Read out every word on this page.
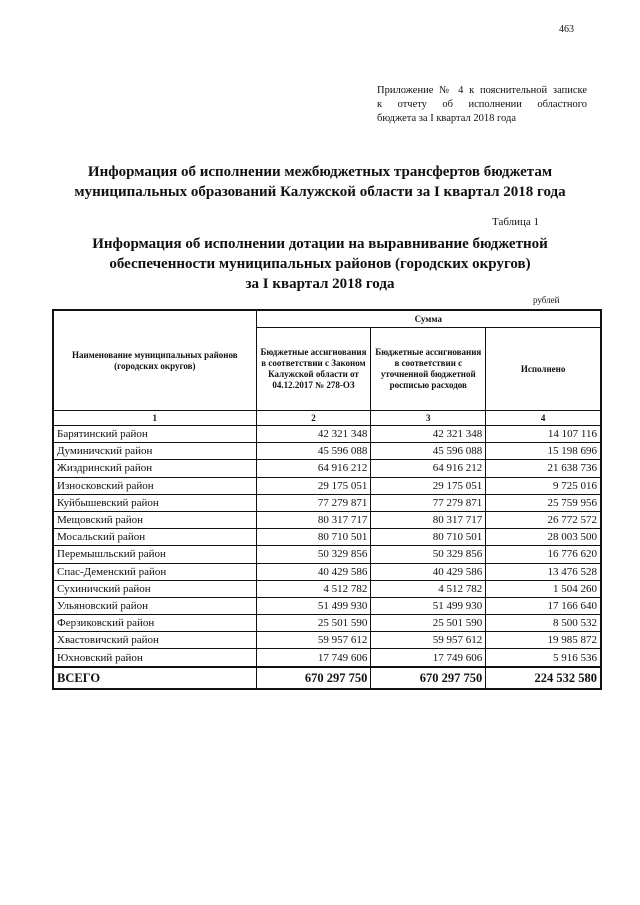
463
Приложение № 4 к пояснительной записке
к отчету об исполнении областного
бюджета за I квартал 2018 года
Информация об исполнении межбюджетных трансфертов бюджетам
муниципальных образований Калужской области за I квартал 2018 года
Таблица 1
Информация об исполнении дотации на выравнивание бюджетной
обеспеченности муниципальных районов (городских округов)
за I квартал 2018 года
рублей
Наименование муниципальных районов (городских округов)	Сумма		
	Бюджетные ассигнования в соответствии с Законом Калужской области от 04.12.2017 № 278-ОЗ	Бюджетные ассигнования в соответствии с уточненной бюджетной росписью расходов	Исполнено
1	2	3	4
Барятинский район	42 321 348	42 321 348	14 107 116
Думиничский район	45 596 088	45 596 088	15 198 696
Жиздринский район	64 916 212	64 916 212	21 638 736
Износковский район	29 175 051	29 175 051	9 725 016
Куйбышевский район	77 279 871	77 279 871	25 759 956
Мещовский район	80 317 717	80 317 717	26 772 572
Мосальский район	80 710 501	80 710 501	28 003 500
Перемышльский район	50 329 856	50 329 856	16 776 620
Спас-Деменский район	40 429 586	40 429 586	13 476 528
Сухиничский район	4 512 782	4 512 782	1 504 260
Ульяновский район	51 499 930	51 499 930	17 166 640
Ферзиковский район	25 501 590	25 501 590	8 500 532
Хвастовичский район	59 957 612	59 957 612	19 985 872
Юхновский район	17 749 606	17 749 606	5 916 536
ВСЕГО	670 297 750	670 297 750	224 532 580
